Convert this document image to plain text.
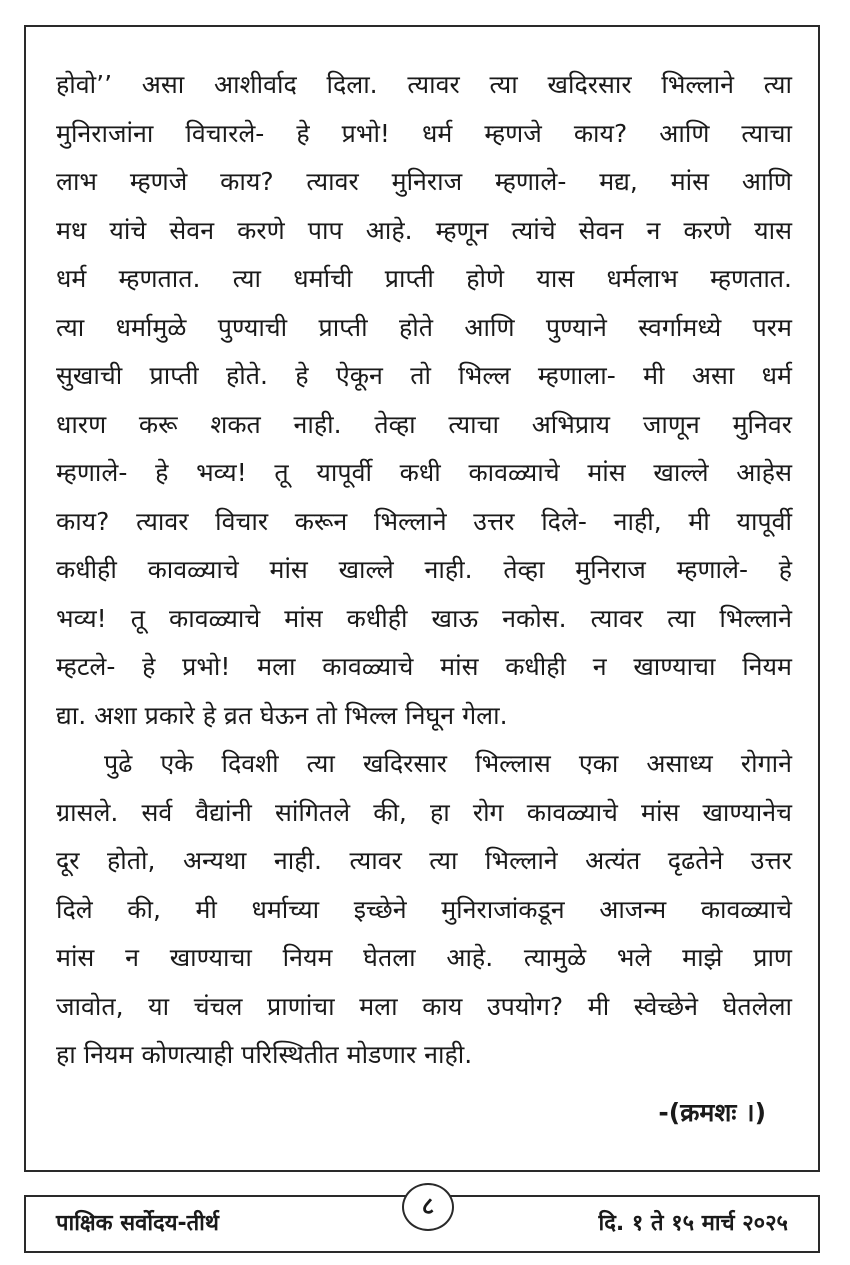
होवो’’ असा आशीर्वाद दिला. त्यावर त्या खदिरसार भिल्लाने त्या
मुनिराजांना विचारले- हे प्रभो! धर्म म्हणजे काय? आणि त्याचा
लाभ म्हणजे काय? त्यावर मुनिराज म्हणाले- मद्य, मांस आणि
मध यांचे सेवन करणे पाप आहे. म्हणून त्यांचे सेवन न करणे यास
धर्म म्हणतात. त्या धर्माची प्राप्ती होणे यास धर्मलाभ म्हणतात.
त्या धर्मामुळे पुण्याची प्राप्ती होते आणि पुण्याने स्वर्गामध्ये परम
सुखाची प्राप्ती होते. हे ऐकून तो भिल्ल म्हणाला- मी असा धर्म
धारण करू शकत नाही. तेव्हा त्याचा अभिप्राय जाणून मुनिवर
म्हणाले- हे भव्य! तू यापूर्वी कधी कावळ्याचे मांस खाल्ले आहेस
काय? त्यावर विचार करून भिल्लाने उत्तर दिले- नाही, मी यापूर्वी
कधीही कावळ्याचे मांस खाल्ले नाही. तेव्हा मुनिराज म्हणाले- हे
भव्य! तू कावळ्याचे मांस कधीही खाऊ नकोस. त्यावर त्या भिल्लाने
म्हटले- हे प्रभो! मला कावळ्याचे मांस कधीही न खाण्याचा नियम
द्या. अशा प्रकारे हे व्रत घेऊन तो भिल्ल निघून गेला.

पुढे एके दिवशी त्या खदिरसार भिल्लास एका असाध्य रोगाने
ग्रासले. सर्व वैद्यांनी सांगितले की, हा रोग कावळ्याचे मांस खाण्यानेच
दूर होतो, अन्यथा नाही. त्यावर त्या भिल्लाने अत्यंत दृढतेने उत्तर
दिले की, मी धर्माच्या इच्छेने मुनिराजांकडून आजन्म कावळ्याचे
मांस न खाण्याचा नियम घेतला आहे. त्यामुळे भले माझे प्राण
जावोत, या चंचल प्राणांचा मला काय उपयोग? मी स्वेच्छेने घेतलेला
हा नियम कोणत्याही परिस्थितीत मोडणार नाही.

-(क्रमशः ।)
पाक्षिक सर्वोदय-तीर्थ
८
दि. १ ते १५ मार्च २०२५
